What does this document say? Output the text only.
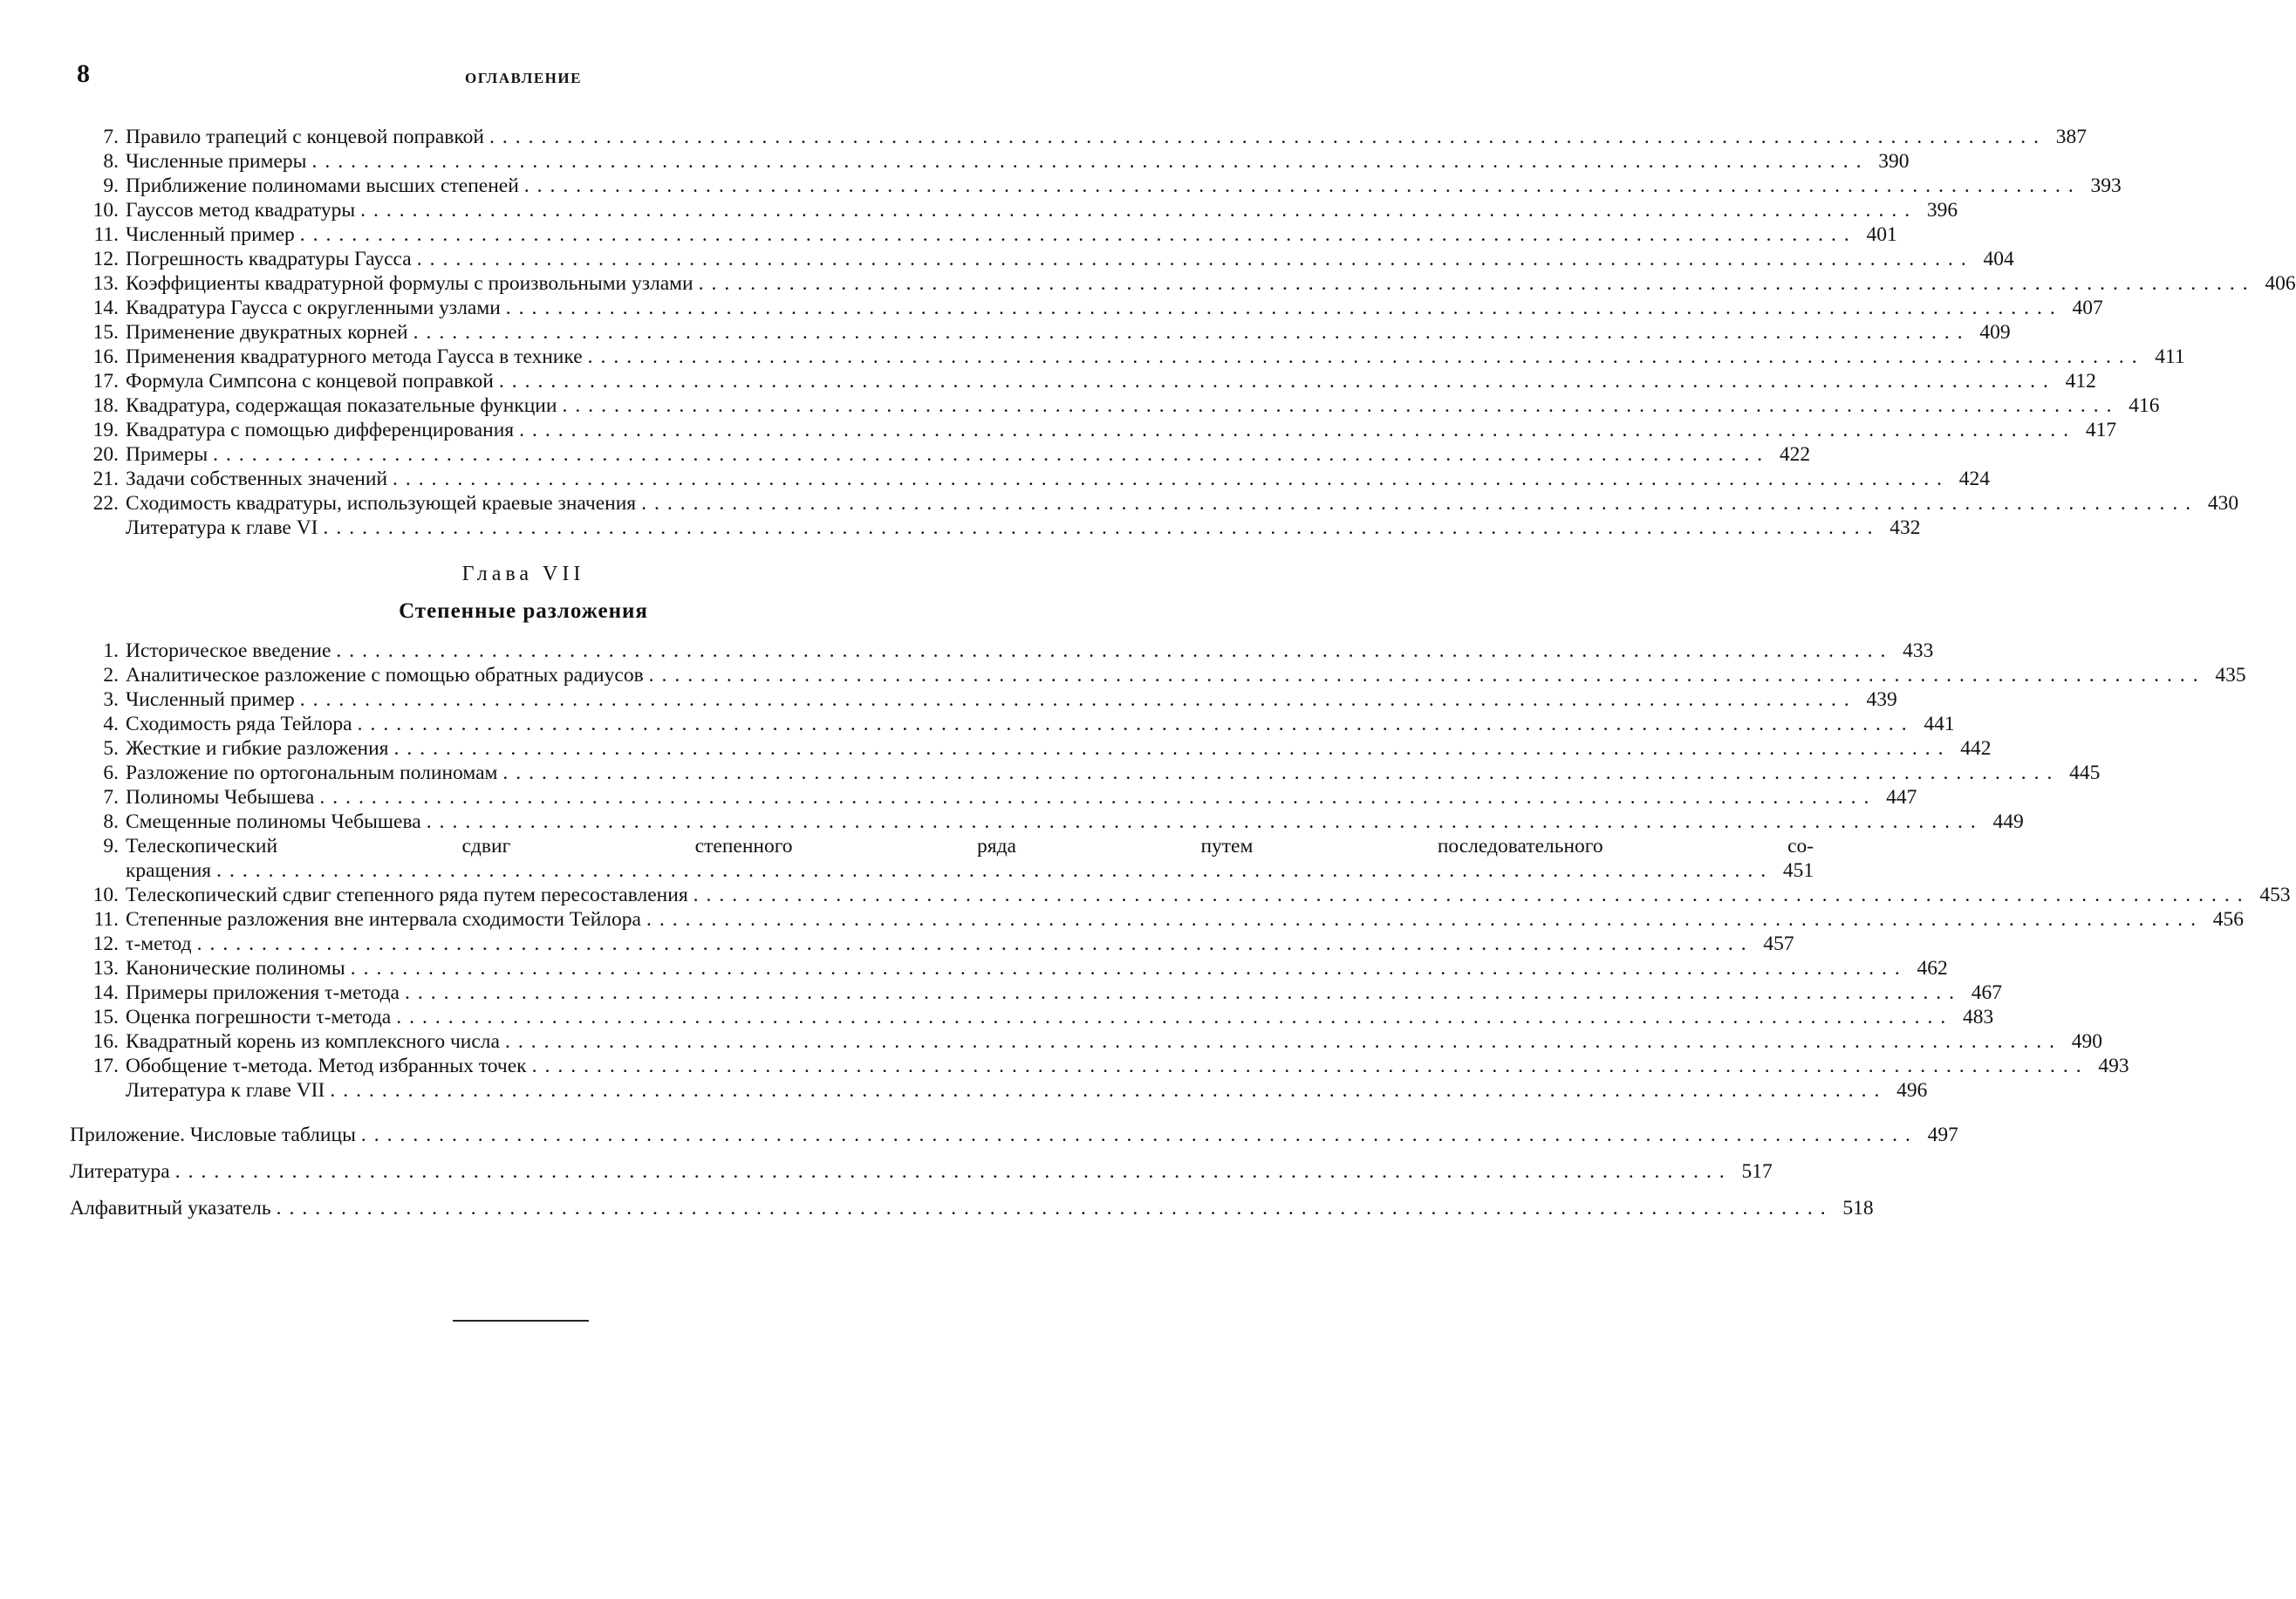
8	ОГЛАВЛЕНИЕ
7. Правило трапеций с концевой поправкой ........................................................................................................................ 387
8. Численные примеры ........................................................................................................................ 390
9. Приближение полиномами высших степеней ........................................................................................................................ 393
10. Гауссов метод квадратуры ........................................................................................................................ 396
11. Численный пример ........................................................................................................................ 401
12. Погрешность квадратуры Гаусса ........................................................................................................................ 404
13. Коэффициенты квадратурной формулы с произвольными узлами ........................................................................................................................ 406
14. Квадратура Гаусса с округленными узлами ........................................................................................................................ 407
15. Применение двукратных корней ........................................................................................................................ 409
16. Применения квадратурного метода Гаусса в технике ........................................................................................................................ 411
17. Формула Симпсона с концевой поправкой ........................................................................................................................ 412
18. Квадратура, содержащая показательные функции ........................................................................................................................ 416
19. Квадратура с помощью дифференцирования ........................................................................................................................ 417
20. Примеры ........................................................................................................................ 422
21. Задачи собственных значений ........................................................................................................................ 424
22. Сходимость квадратуры, использующей краевые значения ........................................................................................................................ 430
Литература к главе VI ........................................................................................................................ 432
Глава VII
Степенные разложения
1. Историческое введение ........................................................................................................................ 433
2. Аналитическое разложение с помощью обратных радиусов ........................................................................................................................ 435
3. Численный пример ........................................................................................................................ 439
4. Сходимость ряда Тейлора ........................................................................................................................ 441
5. Жесткие и гибкие разложения ........................................................................................................................ 442
6. Разложение по ортогональным полиномам ........................................................................................................................ 445
7. Полиномы Чебышева ........................................................................................................................ 447
8. Смещенные полиномы Чебышева ........................................................................................................................ 449
9. Телескопический сдвиг степенного ряда путем последовательного со-
кращения ........................................................................................................................ 451
10. Телескопический сдвиг степенного ряда путем пересоставления ........................................................................................................................ 453
11. Степенные разложения вне интервала сходимости Тейлора ........................................................................................................................ 456
12. τ-метод ........................................................................................................................ 457
13. Канонические полиномы ........................................................................................................................ 462
14. Примеры приложения τ-метода ........................................................................................................................ 467
15. Оценка погрешности τ-метода ........................................................................................................................ 483
16. Квадратный корень из комплексного числа ........................................................................................................................ 490
17. Обобщение τ-метода. Метод избранных точек ........................................................................................................................ 493
Литература к главе VII ........................................................................................................................ 496
Приложение. Числовые таблицы ........................................................................................................................ 497
Литература ........................................................................................................................ 517
Алфавитный указатель ........................................................................................................................ 518
